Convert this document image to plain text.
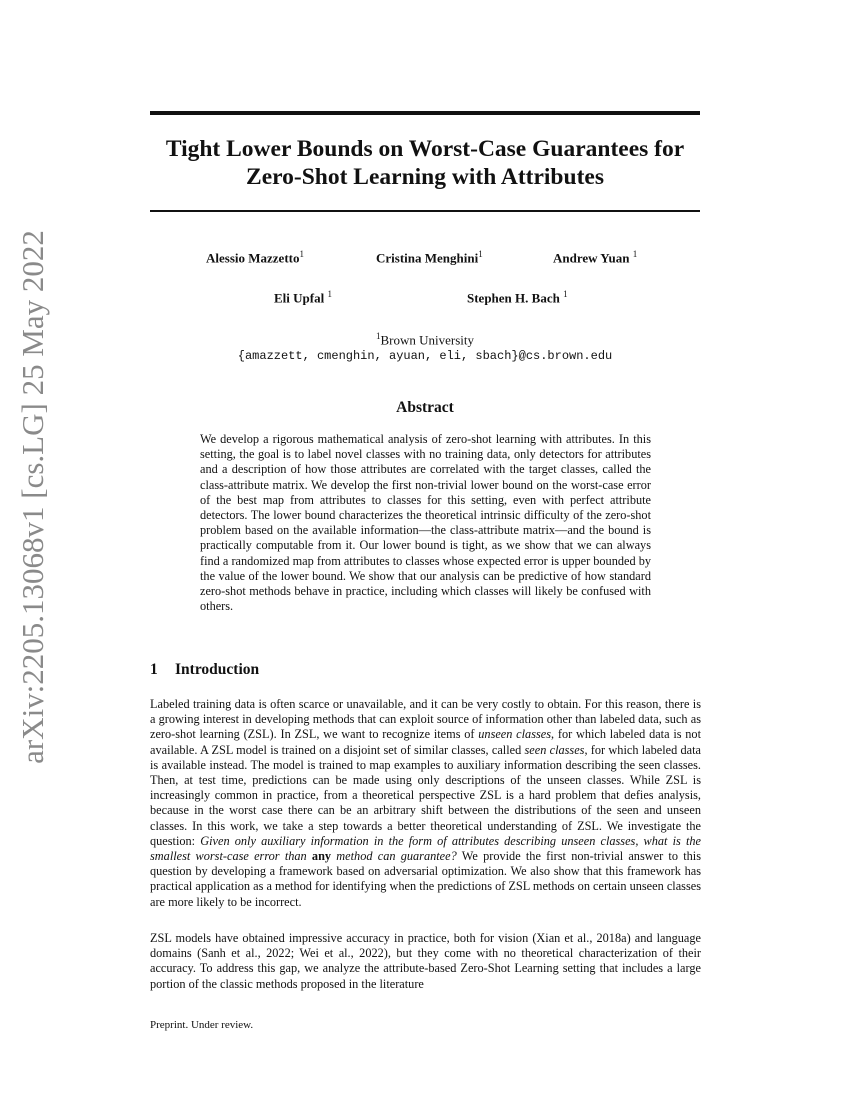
arXiv:2205.13068v1 [cs.LG] 25 May 2022
Tight Lower Bounds on Worst-Case Guarantees for
Zero-Shot Learning with Attributes
Alessio Mazzetto$^1$	Cristina Menghini$^1$	Andrew Yuan $^1$
Eli Upfal $^1$	Stephen H. Bach $^1$
$^1$Brown University
{amazzett, cmenghin, ayuan, eli, sbach}@cs.brown.edu
Abstract

We develop a rigorous mathematical analysis of zero-shot learning with attributes. In this setting, the goal is to label novel classes with no training data, only detectors for attributes and a description of how those attributes are correlated with the target classes, called the class-attribute matrix. We develop the first non-trivial lower bound on the worst-case error of the best map from attributes to classes for this setting, even with perfect attribute detectors. The lower bound characterizes the theoretical intrinsic difficulty of the zero-shot problem based on the available information—the class-attribute matrix—and the bound is practically computable from it. Our lower bound is tight, as we show that we can always find a randomized map from attributes to classes whose expected error is upper bounded by the value of the lower bound. We show that our analysis can be predictive of how standard zero-shot methods behave in practice, including which classes will likely be confused with others.

1 Introduction

Labeled training data is often scarce or unavailable, and it can be very costly to obtain. For this reason, there is a growing interest in developing methods that can exploit source of information other than labeled data, such as zero-shot learning (ZSL). In ZSL, we want to recognize items of unseen classes, for which labeled data is not available. A ZSL model is trained on a disjoint set of similar classes, called seen classes, for which labeled data is available instead. The model is trained to map examples to auxiliary information describing the seen classes. Then, at test time, predictions can be made using only descriptions of the unseen classes. While ZSL is increasingly common in practice, from a theoretical perspective ZSL is a hard problem that defies analysis, because in the worst case there can be an arbitrary shift between the distributions of the seen and unseen classes. In this work, we take a step towards a better theoretical understanding of ZSL. We investigate the question: Given only auxiliary information in the form of attributes describing unseen classes, what is the smallest worst-case error than any method can guarantee? We provide the first non-trivial answer to this question by developing a framework based on adversarial optimization. We also show that this framework has practical application as a method for identifying when the predictions of ZSL methods on certain unseen classes are more likely to be incorrect.

ZSL models have obtained impressive accuracy in practice, both for vision (Xian et al., 2018a) and language domains (Sanh et al., 2022; Wei et al., 2022), but they come with no theoretical characterization of their accuracy. To address this gap, we analyze the attribute-based Zero-Shot Learning setting that includes a large portion of the classic methods proposed in the literature

Preprint. Under review.
